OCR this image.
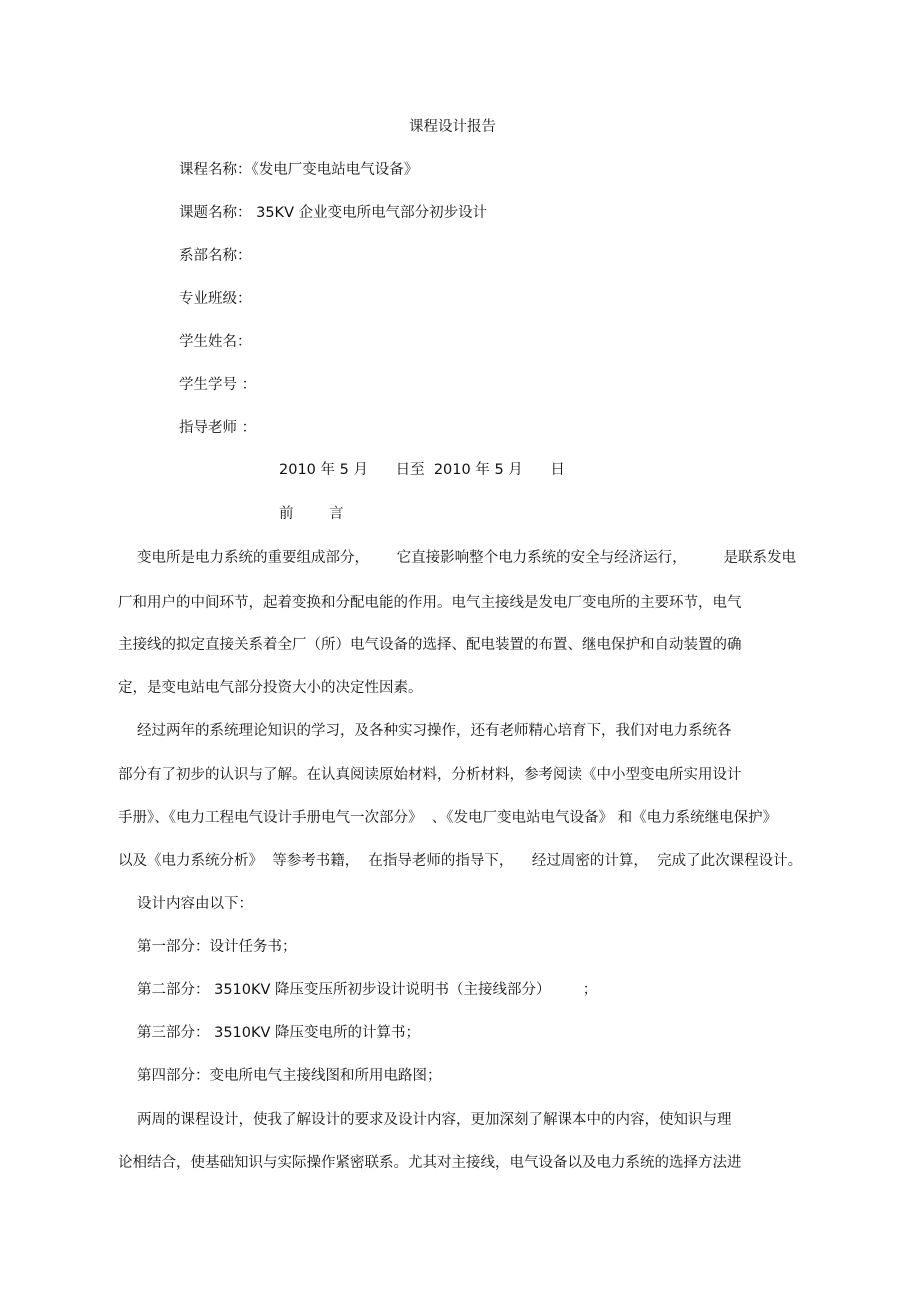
课程设计报告
课程名称：《发电厂变电站电气设备》
课题名称： 35KV 企业变电所电气部分初步设计
系部名称：
专业班级：
学生姓名：
学生学号 ：
指导老师 ：
2010 年 5 月      日至  2010 年 5 月      日
前 言
变电所是电力系统的重要组成部分，      它直接影响整个电力系统的安全与经济运行，        是联系发电
厂和用户的中间环节，起着变换和分配电能的作用。电气主接线是发电厂变电所的主要环节，电气
主接线的拟定直接关系着全厂（所）电气设备的选择、配电装置的布置、继电保护和自动装置的确
定，是变电站电气部分投资大小的决定性因素。
经过两年的系统理论知识的学习，及各种实习操作，还有老师精心培育下，我们对电力系统各
部分有了初步的认识与了解。在认真阅读原始材料，分析材料，参考阅读《中小型变电所实用设计
手册》、《电力工程电气设计手册电气一次部分》  、《发电厂变电站电气设备》 和《电力系统继电保护》
以及《电力系统分析》  等参考书籍，  在指导老师的指导下，    经过周密的计算，  完成了此次课程设计。
设计内容由以下：
第一部分：设计任务书；
第二部分： 3510KV 降压变压所初步设计说明书（主接线部分）       ；
第三部分： 3510KV 降压变电所的计算书；
第四部分：变电所电气主接线图和所用电路图；
两周的课程设计，使我了解设计的要求及设计内容，更加深刻了解课本中的内容，使知识与理
论相结合，使基础知识与实际操作紧密联系。尤其对主接线，电气设备以及电力系统的选择方法进
